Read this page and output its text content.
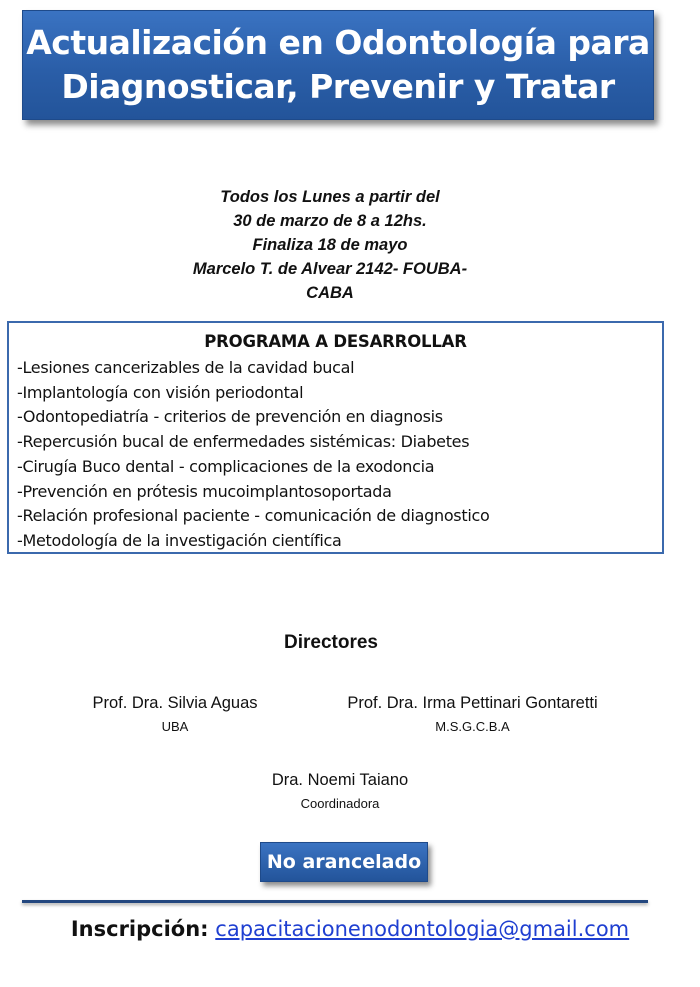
Actualización en Odontología para
Diagnosticar, Prevenir y Tratar
Todos los Lunes a partir del
30 de marzo de 8 a 12hs.
Finaliza 18 de mayo
Marcelo T. de Alvear 2142- FOUBA-
CABA
PROGRAMA A DESARROLLAR
-Lesiones cancerizables de la cavidad bucal
-Implantología con visión periodontal
-Odontopediatría - criterios de prevención en diagnosis
-Repercusión bucal de enfermedades sistémicas: Diabetes
-Cirugía Buco dental - complicaciones de la exodoncia
-Prevención en prótesis mucoimplantosoportada
-Relación profesional paciente - comunicación de diagnostico
-Metodología de la investigación científica
Directores
Prof. Dra. Silvia Aguas
UBA
Prof. Dra. Irma Pettinari Gontaretti
M.S.G.C.B.A
Dra. Noemi Taiano
Coordinadora
No arancelado
Inscripción: capacitacionenodontologia@gmail.com
